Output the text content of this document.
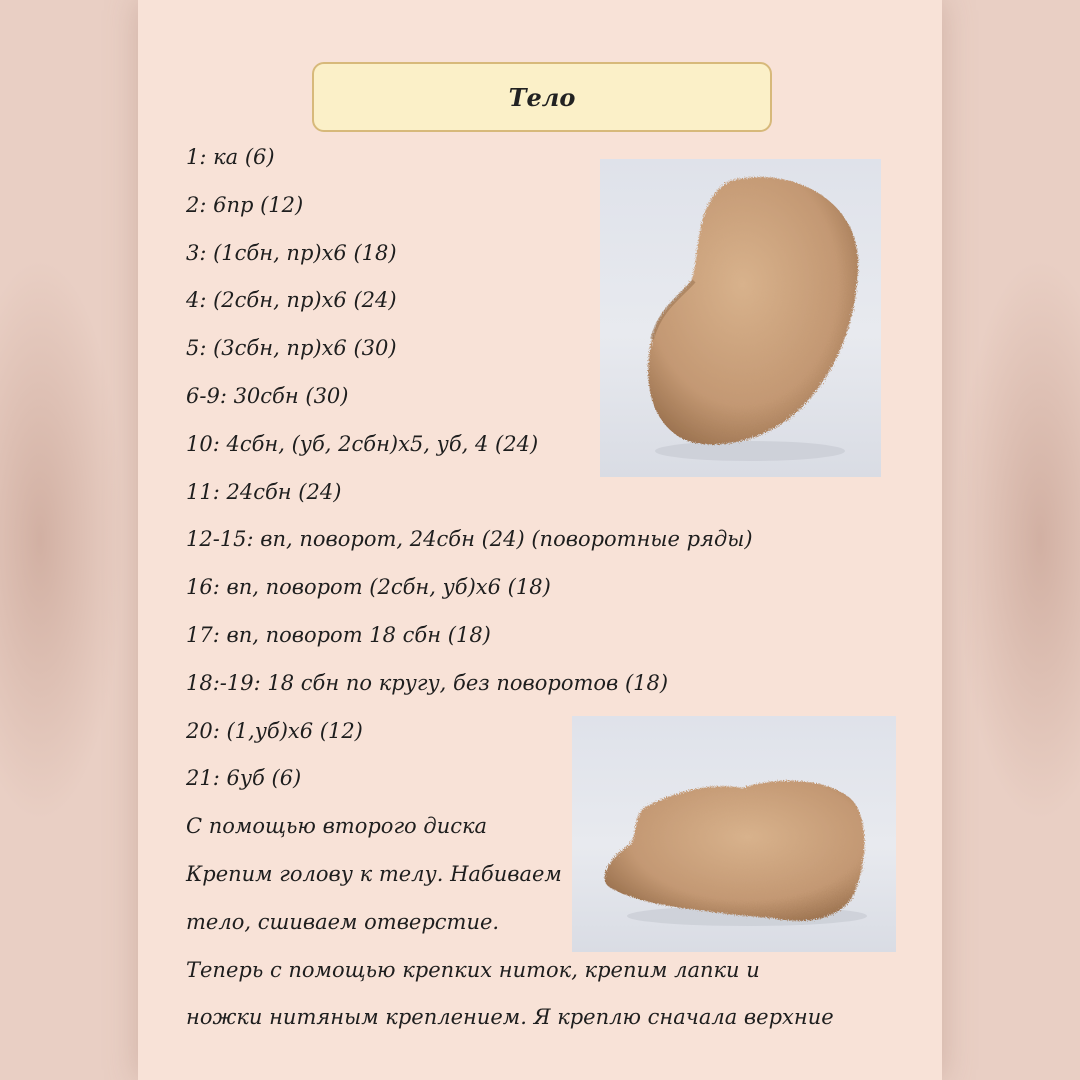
Тело
1: ка (6)
2: 6пр (12)
3: (1сбн, пр)х6 (18)
4: (2сбн, пр)х6 (24)
5: (3сбн, пр)х6 (30)
6-9: 30сбн (30)
10: 4сбн, (уб, 2сбн)х5, уб, 4 (24)
11: 24сбн (24)
12-15: вп, поворот, 24сбн (24) (поворотные ряды)
16: вп, поворот (2сбн, уб)х6 (18)
17: вп, поворот 18 сбн (18)
18:-19: 18 сбн по кругу, без поворотов (18)
20: (1,уб)х6 (12)
21: 6уб (6)
С помощью второго диска
Крепим голову к телу. Набиваем
тело, сшиваем отверстие.
Теперь с помощью крепких ниток, крепим лапки и
ножки нитяным креплением. Я креплю сначала верхние
